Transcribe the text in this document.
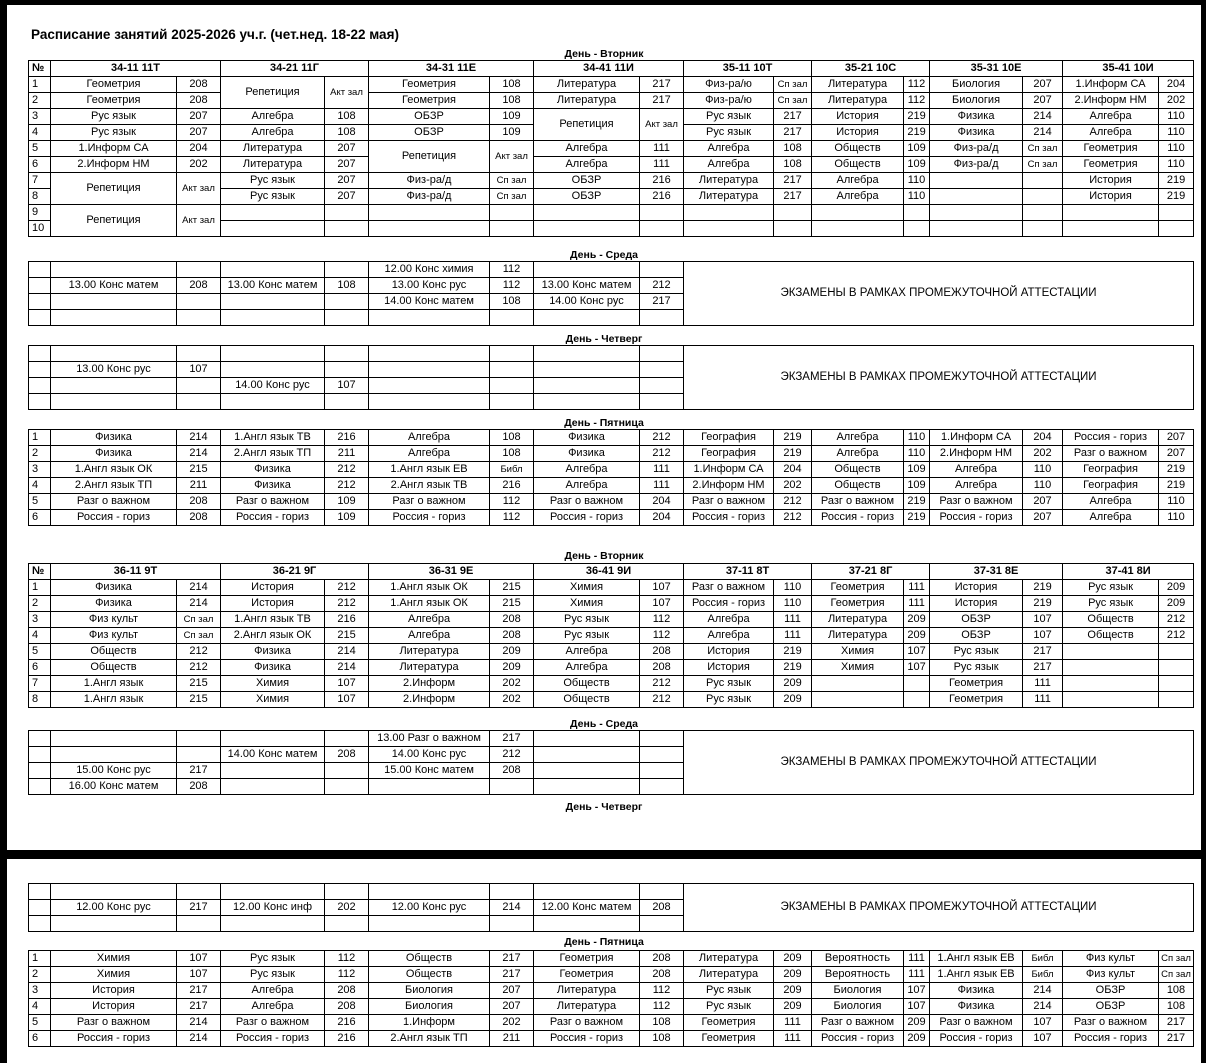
Расписание занятий 2025-2026 уч.г. (чет.нед. 18-22 мая)
День - Вторник
№	34-11 11Т		34-21 11Г		34-31 11Е		34-41 11И		35-11 10Т		35-21 10С		35-31 10Е		35-41 10И	
1	Геометрия	208	Репетиция	Акт зал	Геометрия	108	Литература	217	Физ-ра/ю	Сп зал	Литература	112	Биология	207	1.Информ СА	204
2	Геометрия	208			Геометрия	108	Литература	217	Физ-ра/ю	Сп зал	Литература	112	Биология	207	2.Информ НМ	202
3	Рус язык	207	Алгебра	108	ОБЗР	109	Репетиция	Акт зал	Рус язык	217	История	219	Физика	214	Алгебра	110
4	Рус язык	207	Алгебра	108	ОБЗР	109			Рус язык	217	История	219	Физика	214	Алгебра	110
5	1.Информ СА	204	Литература	207	Репетиция	Акт зал	Алгебра	111	Алгебра	108	Обществ	109	Физ-ра/д	Сп зал	Геометрия	110
6	2.Информ НМ	202	Литература	207			Алгебра	111	Алгебра	108	Обществ	109	Физ-ра/д	Сп зал	Геометрия	110
7	Репетиция	Акт зал	Рус язык	207	Физ-ра/д	Сп зал	ОБЗР	216	Литература	217	Алгебра	110			История	219
8			Рус язык	207	Физ-ра/д	Сп зал	ОБЗР	216	Литература	217	Алгебра	110			История	219
9	Репетиция	Акт зал														
10																
День - Среда
					12.00 Конс химия	112			ЭКЗАМЕНЫ В РАМКАХ ПРОМЕЖУТОЧНОЙ АТТЕСТАЦИИ
	13.00 Конс матем	208	13.00 Конс матем	108	13.00 Конс рус	112	13.00 Конс матем	212	
					14.00 Конс матем	108	14.00 Конс рус	217	

День - Четверг
									ЭКЗАМЕНЫ В РАМКАХ ПРОМЕЖУТОЧНОЙ АТТЕСТАЦИИ
	13.00 Конс рус	107							
			14.00 Конс рус	107					

День - Пятница
1	Физика	214	1.Англ язык ТВ	216	Алгебра	108	Физика	212	География	219	Алгебра	110	1.Информ СА	204	Россия - гориз	207
2	Физика	214	2.Англ язык ТП	211	Алгебра	108	Физика	212	География	219	Алгебра	110	2.Информ НМ	202	Разг о важном	207
3	1.Англ язык ОК	215	Физика	212	1.Англ язык ЕВ	Библ	Алгебра	111	1.Информ СА	204	Обществ	109	Алгебра	110	География	219
4	2.Англ язык ТП	211	Физика	212	2.Англ язык ТВ	216	Алгебра	111	2.Информ НМ	202	Обществ	109	Алгебра	110	География	219
5	Разг о важном	208	Разг о важном	109	Разг о важном	112	Разг о важном	204	Разг о важном	212	Разг о важном	219	Разг о важном	207	Алгебра	110
6	Россия - гориз	208	Россия - гориз	109	Россия - гориз	112	Россия - гориз	204	Россия - гориз	212	Россия - гориз	219	Россия - гориз	207	Алгебра	110
День - Вторник
№	36-11 9Т		36-21 9Г		36-31 9Е		36-41 9И		37-11 8Т		37-21 8Г		37-31 8Е		37-41 8И	
1	Физика	214	История	212	1.Англ язык ОК	215	Химия	107	Разг о важном	110	Геометрия	111	История	219	Рус язык	209
2	Физика	214	История	212	1.Англ язык ОК	215	Химия	107	Россия - гориз	110	Геометрия	111	История	219	Рус язык	209
3	Физ культ	Сп зал	1.Англ язык ТВ	216	Алгебра	208	Рус язык	112	Алгебра	111	Литература	209	ОБЗР	107	Обществ	212
4	Физ культ	Сп зал	2.Англ язык ОК	215	Алгебра	208	Рус язык	112	Алгебра	111	Литература	209	ОБЗР	107	Обществ	212
5	Обществ	212	Физика	214	Литература	209	Алгебра	208	История	219	Химия	107	Рус язык	217		
6	Обществ	212	Физика	214	Литература	209	Алгебра	208	История	219	Химия	107	Рус язык	217		
7	1.Англ язык	215	Химия	107	2.Информ	202	Обществ	212	Рус язык	209			Геометрия	111		
8	1.Англ язык	215	Химия	107	2.Информ	202	Обществ	212	Рус язык	209			Геометрия	111		
День - Среда
					13.00 Разг о важном	217			ЭКЗАМЕНЫ В РАМКАХ ПРОМЕЖУТОЧНОЙ АТТЕСТАЦИИ
			14.00 Конс матем	208	14.00 Конс рус	212			
	15.00 Конс рус	217			15.00 Конс матем	208			
	16.00 Конс матем	208							
День - Четверг
									ЭКЗАМЕНЫ В РАМКАХ ПРОМЕЖУТОЧНОЙ АТТЕСТАЦИИ
	12.00 Конс рус	217	12.00 Конс инф	202	12.00 Конс рус	214	12.00 Конс матем	208	

День - Пятница
1	Химия	107	Рус язык	112	Обществ	217	Геометрия	208	Литература	209	Вероятность	111	1.Англ язык ЕВ	Библ	Физ культ	Сп зал
2	Химия	107	Рус язык	112	Обществ	217	Геометрия	208	Литература	209	Вероятность	111	1.Англ язык ЕВ	Библ	Физ культ	Сп зал
3	История	217	Алгебра	208	Биология	207	Литература	112	Рус язык	209	Биология	107	Физика	214	ОБЗР	108
4	История	217	Алгебра	208	Биология	207	Литература	112	Рус язык	209	Биология	107	Физика	214	ОБЗР	108
5	Разг о важном	214	Разг о важном	216	1.Информ	202	Разг о важном	108	Геометрия	111	Разг о важном	209	Разг о важном	107	Разг о важном	217
6	Россия - гориз	214	Россия - гориз	216	2.Англ язык ТП	211	Россия - гориз	108	Геометрия	111	Россия - гориз	209	Россия - гориз	107	Россия - гориз	217
